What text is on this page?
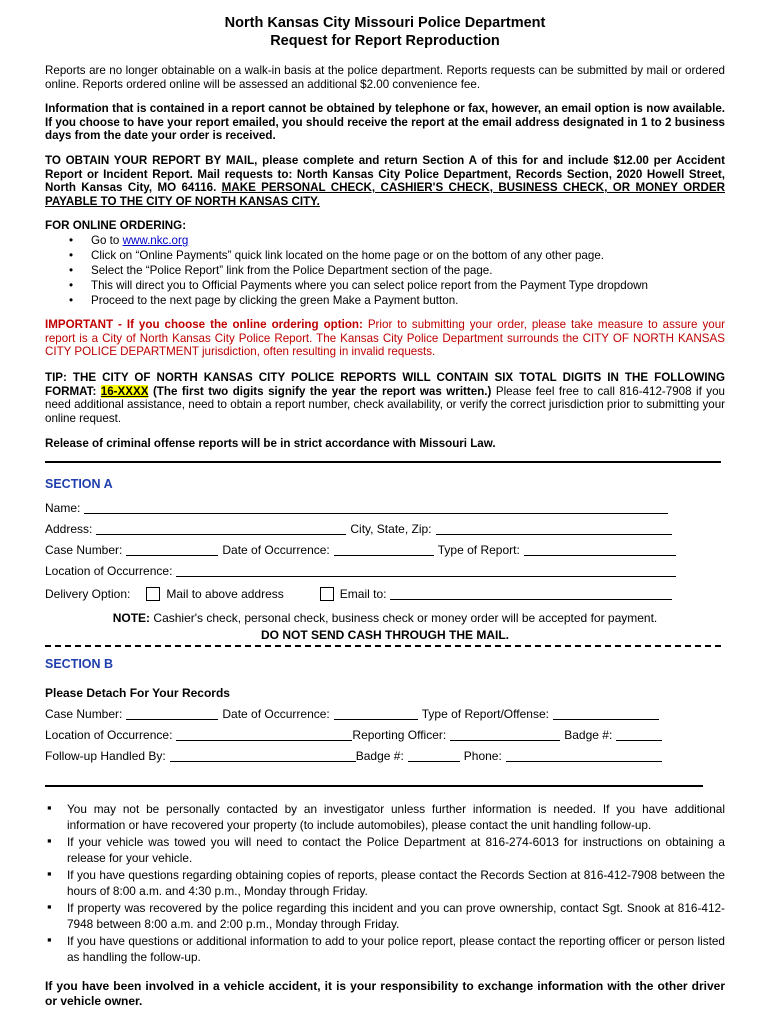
North Kansas City Missouri Police Department
Request for Report Reproduction

Reports are no longer obtainable on a walk-in basis at the police department. Reports requests can be submitted by mail or ordered online. Reports ordered online will be assessed an additional $2.00 convenience fee.

Information that is contained in a report cannot be obtained by telephone or fax, however, an email option is now available. If you choose to have your report emailed, you should receive the report at the email address designated in 1 to 2 business days from the date your order is received.

TO OBTAIN YOUR REPORT BY MAIL, please complete and return Section A of this for and include $12.00 per Accident Report or Incident Report. Mail requests to: North Kansas City Police Department, Records Section, 2020 Howell Street, North Kansas City, MO 64116. MAKE PERSONAL CHECK, CASHIER'S CHECK, BUSINESS CHECK, OR MONEY ORDER PAYABLE TO THE CITY OF NORTH KANSAS CITY.

FOR ONLINE ORDERING:
• Go to www.nkc.org
• Click on “Online Payments” quick link located on the home page or on the bottom of any other page.
• Select the “Police Report” link from the Police Department section of the page.
• This will direct you to Official Payments where you can select police report from the Payment Type dropdown
• Proceed to the next page by clicking the green Make a Payment button.

IMPORTANT - If you choose the online ordering option: Prior to submitting your order, please take measure to assure your report is a City of North Kansas City Police Report. The Kansas City Police Department surrounds the CITY OF NORTH KANSAS CITY POLICE DEPARTMENT jurisdiction, often resulting in invalid requests.

TIP: THE CITY OF NORTH KANSAS CITY POLICE REPORTS WILL CONTAIN SIX TOTAL DIGITS IN THE FOLLOWING FORMAT: 16-XXXX (The first two digits signify the year the report was written.) Please feel free to call 816-412-7908 if you need additional assistance, need to obtain a report number, check availability, or verify the correct jurisdiction prior to submitting your online request.

Release of criminal offense reports will be in strict accordance with Missouri Law.

SECTION A
Name:
Address:	City, State, Zip:
Case Number:	Date of Occurrence:	Type of Report:
Location of Occurrence:
Delivery Option:	Mail to above address	Email to:
NOTE: Cashier's check, personal check, business check or money order will be accepted for payment.
DO NOT SEND CASH THROUGH THE MAIL.
SECTION B
Please Detach For Your Records
Case Number:	Date of Occurrence:	Type of Report/Offense:
Location of Occurrence:	Reporting Officer:	Badge #:
Follow-up Handled By:	Badge #:	Phone:
▪ You may not be personally contacted by an investigator unless further information is needed. If you have additional information or have recovered your property (to include automobiles), please contact the unit handling follow-up.
▪ If your vehicle was towed you will need to contact the Police Department at 816-274-6013 for instructions on obtaining a release for your vehicle.
▪ If you have questions regarding obtaining copies of reports, please contact the Records Section at 816-412-7908 between the hours of 8:00 a.m. and 4:30 p.m., Monday through Friday.
▪ If property was recovered by the police regarding this incident and you can prove ownership, contact Sgt. Snook at 816-412-7948 between 8:00 a.m. and 2:00 p.m., Monday through Friday.
▪ If you have questions or additional information to add to your police report, please contact the reporting officer or person listed as handling the follow-up.

If you have been involved in a vehicle accident, it is your responsibility to exchange information with the other driver or vehicle owner.
